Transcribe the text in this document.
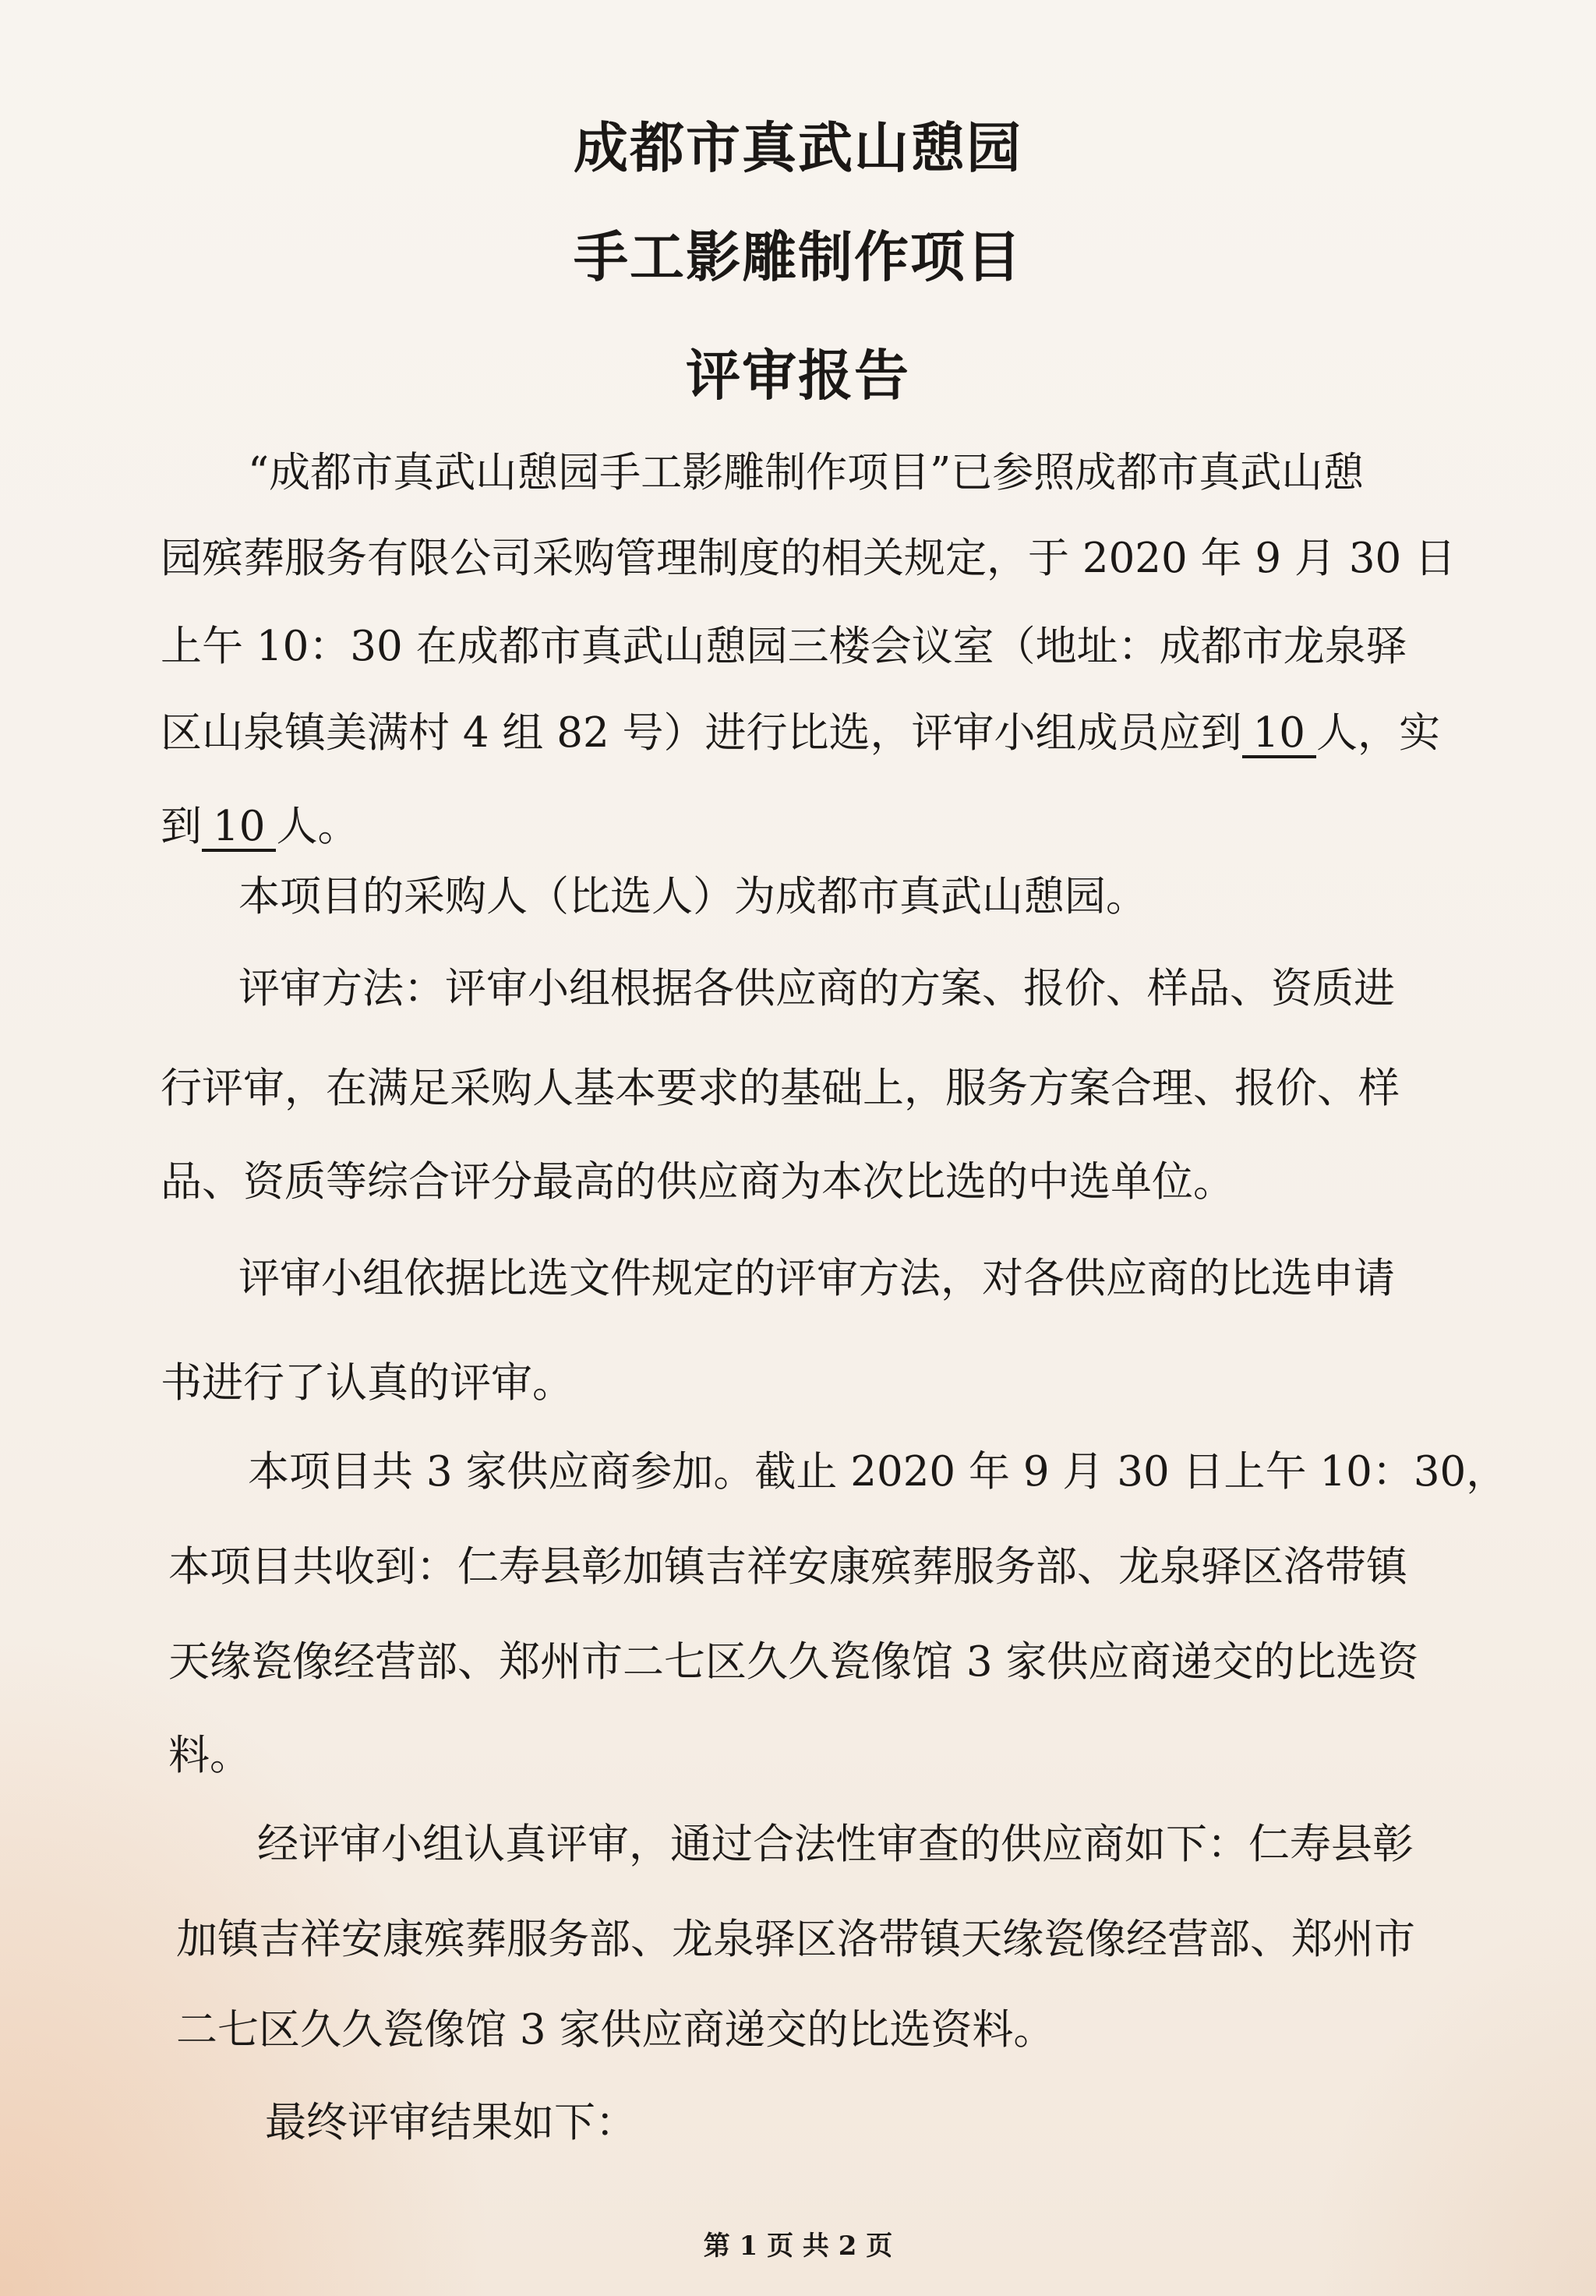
成都市真武山憩园
手工影雕制作项目
评审报告
“成都市真武山憩园手工影雕制作项目”已参照成都市真武山憩
园殡葬服务有限公司采购管理制度的相关规定，于 2020 年 9 月 30 日
上午 10：30 在成都市真武山憩园三楼会议室（地址：成都市龙泉驿
区山泉镇美满村 4 组 82 号）进行比选，评审小组成员应到 10 人，实
到 10 人。
本项目的采购人（比选人）为成都市真武山憩园。
评审方法：评审小组根据各供应商的方案、报价、样品、资质进
行评审，在满足采购人基本要求的基础上，服务方案合理、报价、样
品、资质等综合评分最高的供应商为本次比选的中选单位。
评审小组依据比选文件规定的评审方法，对各供应商的比选申请
书进行了认真的评审。
本项目共 3 家供应商参加。截止 2020 年 9 月 30 日上午 10：30，
本项目共收到：仁寿县彰加镇吉祥安康殡葬服务部、龙泉驿区洛带镇
天缘瓷像经营部、郑州市二七区久久瓷像馆 3 家供应商递交的比选资
料。
经评审小组认真评审，通过合法性审查的供应商如下：仁寿县彰
加镇吉祥安康殡葬服务部、龙泉驿区洛带镇天缘瓷像经营部、郑州市
二七区久久瓷像馆 3 家供应商递交的比选资料。
最终评审结果如下：
第 1 页 共 2 页
